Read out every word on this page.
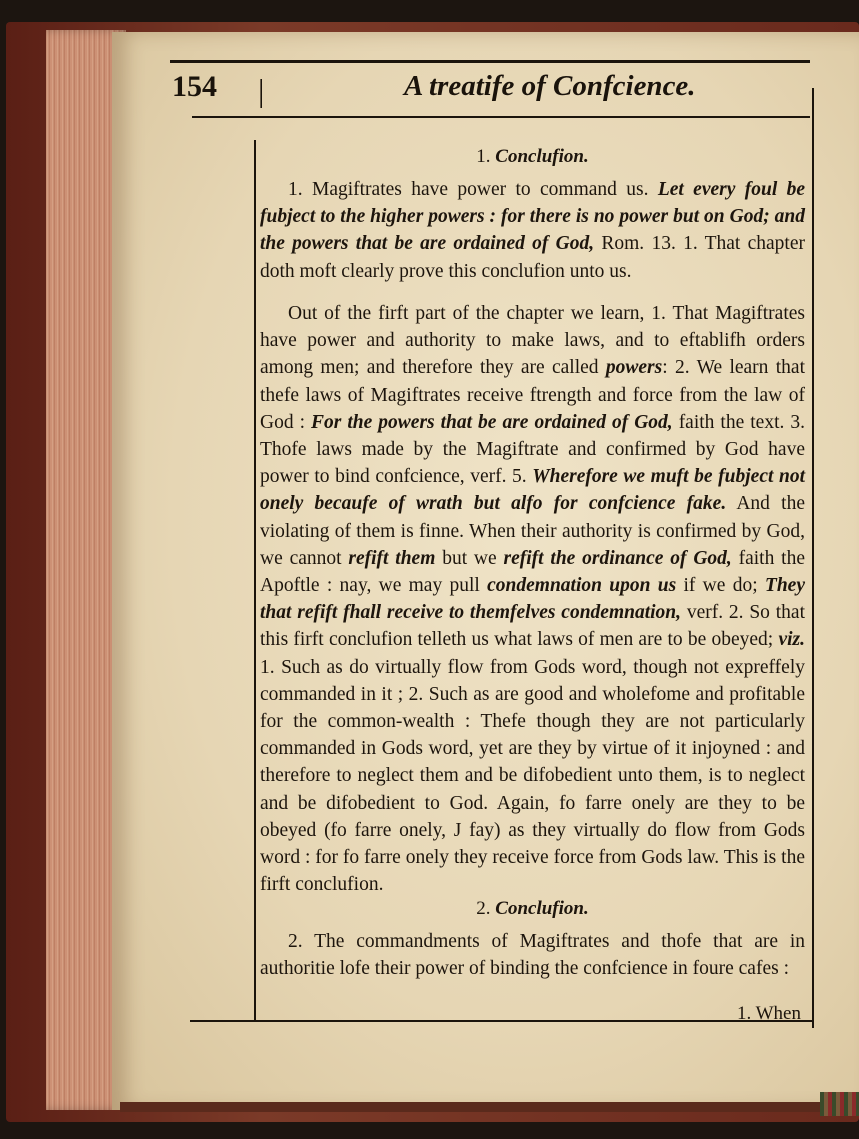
154 |	A treatife of Confcience.
1. Conclufion.
1. Magiftrates have power to command us. Let every foul be fubject to the higher powers : for there is no power but on God; and the powers that be are ordained of God, Rom. 13. 1. That chapter doth moft clearly prove this conclufion unto us.
Out of the firft part of the chapter we learn, 1. That Magiftrates have power and authority to make laws, and to eftablifh orders among men; and therefore they are called powers: 2. We learn that thefe laws of Magiftrates receive ftrength and force from the law of God : For the powers that be are ordained of God, faith the text. 3. Thofe laws made by the Magiftrate and confirmed by God have power to bind confcience, verf. 5. Wherefore we muft be fubject not onely becaufe of wrath but alfo for confcience fake. And the violating of them is finne. When their authority is confirmed by God, we cannot refift them but we refift the ordinance of God, faith the Apoftle : nay, we may pull condemnation upon us if we do; They that refift fhall receive to themfelves condemnation, verf. 2. So that this firft conclufion telleth us what laws of men are to be obeyed; viz. 1. Such as do virtually flow from Gods word, though not expreffely commanded in it ; 2. Such as are good and wholefome and profitable for the common-wealth : Thefe though they are not particularly commanded in Gods word, yet are they by virtue of it injoyned : and therefore to neglect them and be difobedient unto them, is to neglect and be difobedient to God. Again, fo farre onely are they to be obeyed (fo farre onely, J fay) as they virtually do flow from Gods word : for fo farre onely they receive force from Gods law. This is the firft conclufion.
2. Conclufion.
2. The commandments of Magiftrates and thofe that are in authoritie lofe their power of binding the confcience in foure cafes :
1. When
